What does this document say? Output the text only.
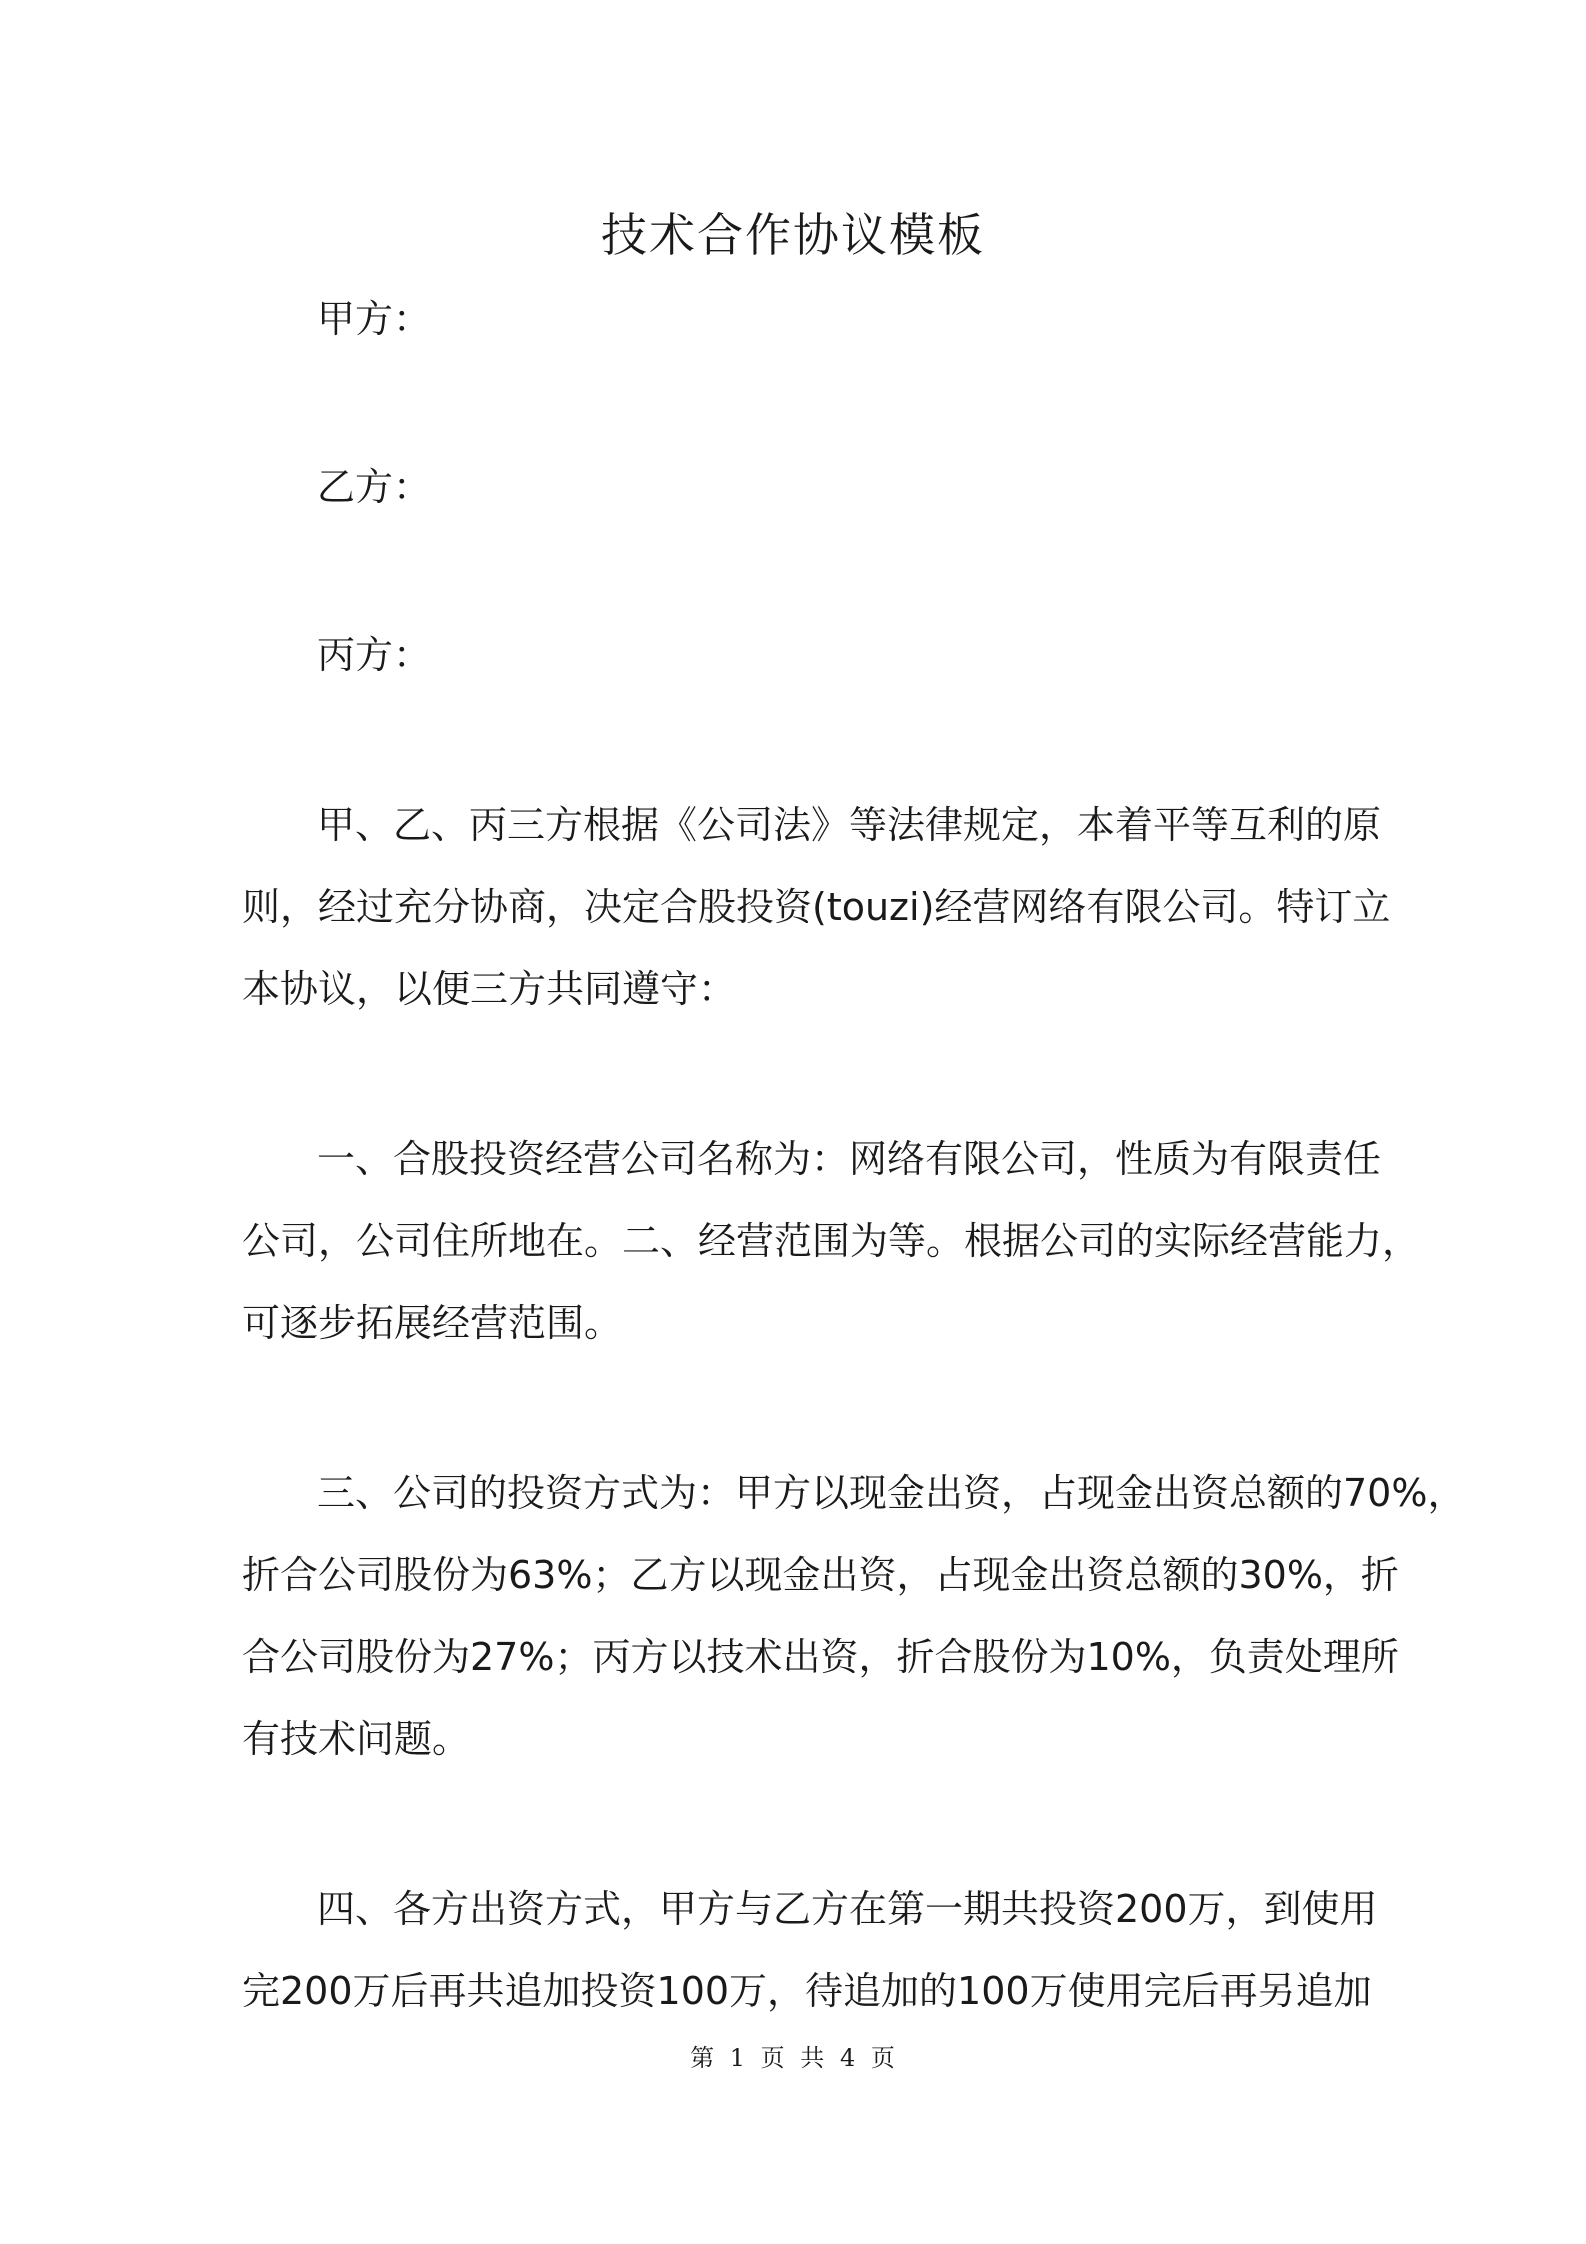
技术合作协议模板

甲方：

乙方：

丙方：

甲、乙、丙三方根据《公司法》等法律规定，本着平等互利的原

则，经过充分协商，决定合股投资(touzi)经营网络有限公司。特订立

本协议，以便三方共同遵守：

一、合股投资经营公司名称为：网络有限公司，性质为有限责任

公司，公司住所地在。二、经营范围为等。根据公司的实际经营能力，

可逐步拓展经营范围。

三、公司的投资方式为：甲方以现金出资，占现金出资总额的70%，

折合公司股份为63%；乙方以现金出资，占现金出资总额的30%，折

合公司股份为27%；丙方以技术出资，折合股份为10%，负责处理所

有技术问题。

四、各方出资方式，甲方与乙方在第一期共投资200万，到使用

完200万后再共追加投资100万，待追加的100万使用完后再另追加

第 1 页 共 4 页
